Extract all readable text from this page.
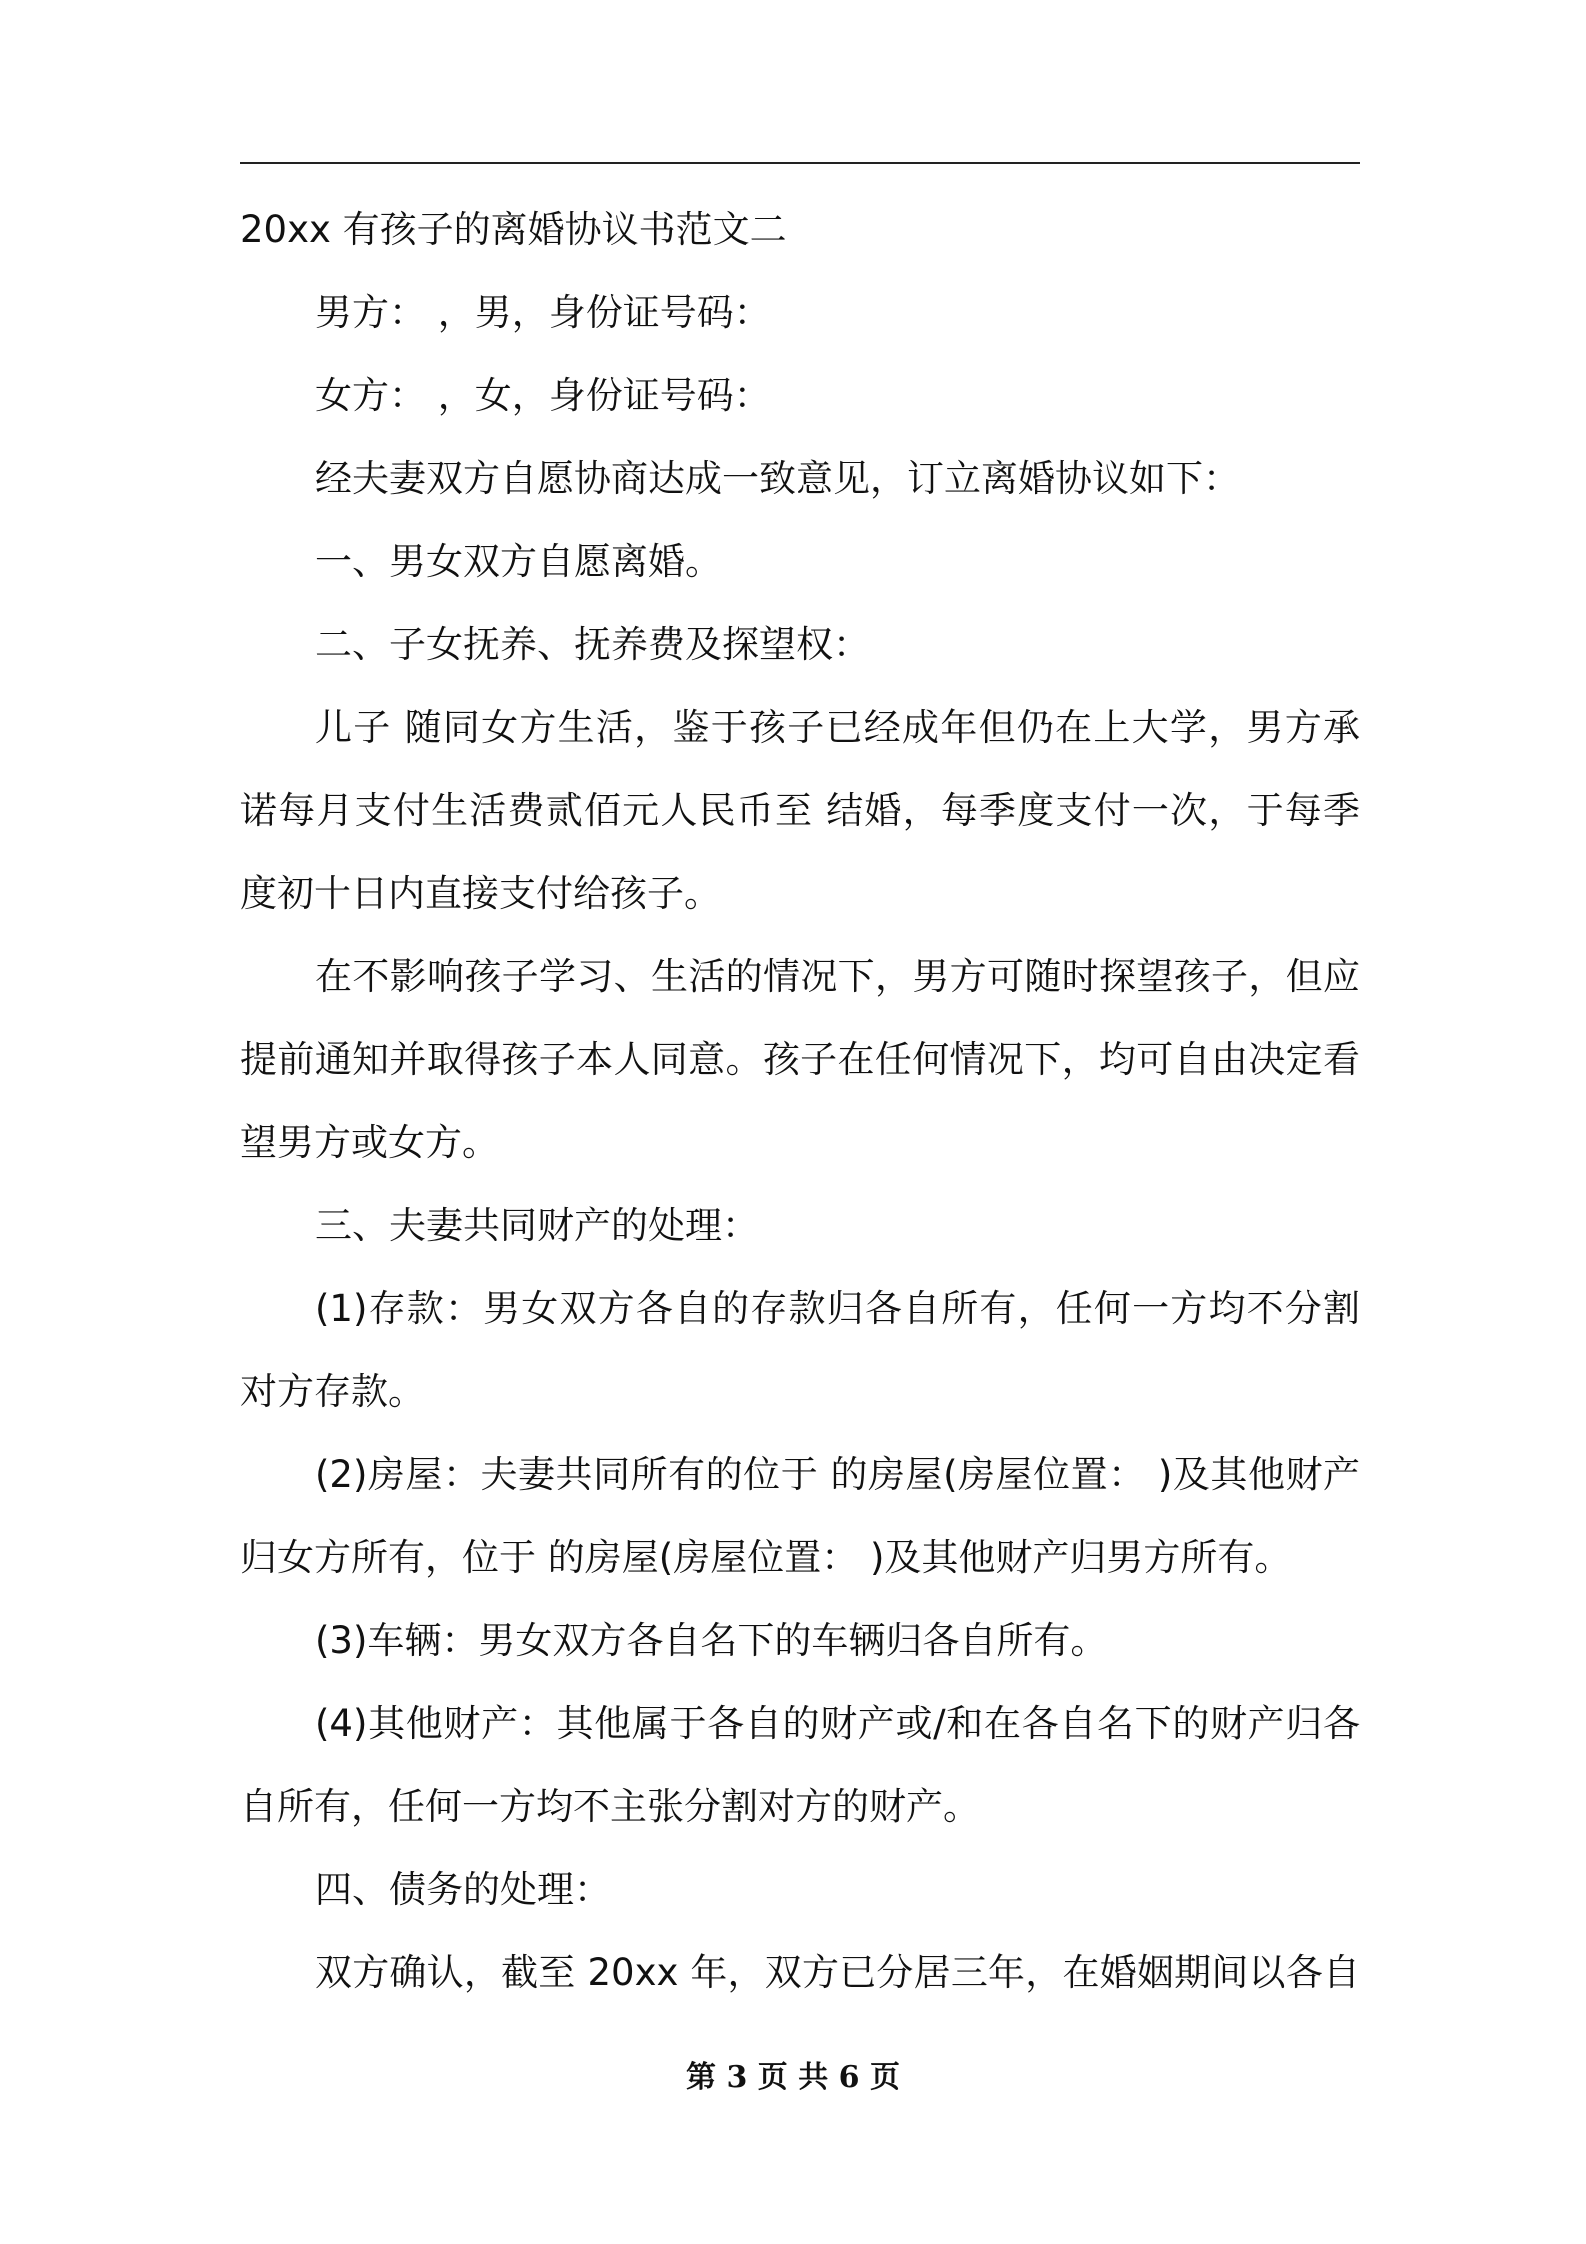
20xx 有孩子的离婚协议书范文二
男方： ，男，身份证号码：
女方： ，女，身份证号码：
经夫妻双方自愿协商达成一致意见，订立离婚协议如下：
一、男女双方自愿离婚。
二、子女抚养、抚养费及探望权：
儿子 随同女方生活，鉴于孩子已经成年但仍在上大学，男方承
诺每月支付生活费贰佰元人民币至 结婚，每季度支付一次，于每季
度初十日内直接支付给孩子。
在不影响孩子学习、生活的情况下，男方可随时探望孩子，但应
提前通知并取得孩子本人同意。孩子在任何情况下，均可自由决定看
望男方或女方。
三、夫妻共同财产的处理：
(1)存款：男女双方各自的存款归各自所有，任何一方均不分割
对方存款。
(2)房屋：夫妻共同所有的位于 的房屋(房屋位置： )及其他财产
归女方所有，位于 的房屋(房屋位置： )及其他财产归男方所有。
(3)车辆：男女双方各自名下的车辆归各自所有。
(4)其他财产：其他属于各自的财产或/和在各自名下的财产归各
自所有，任何一方均不主张分割对方的财产。
四、债务的处理：
双方确认，截至 20xx 年，双方已分居三年，在婚姻期间以各自
第 3 页 共 6 页
